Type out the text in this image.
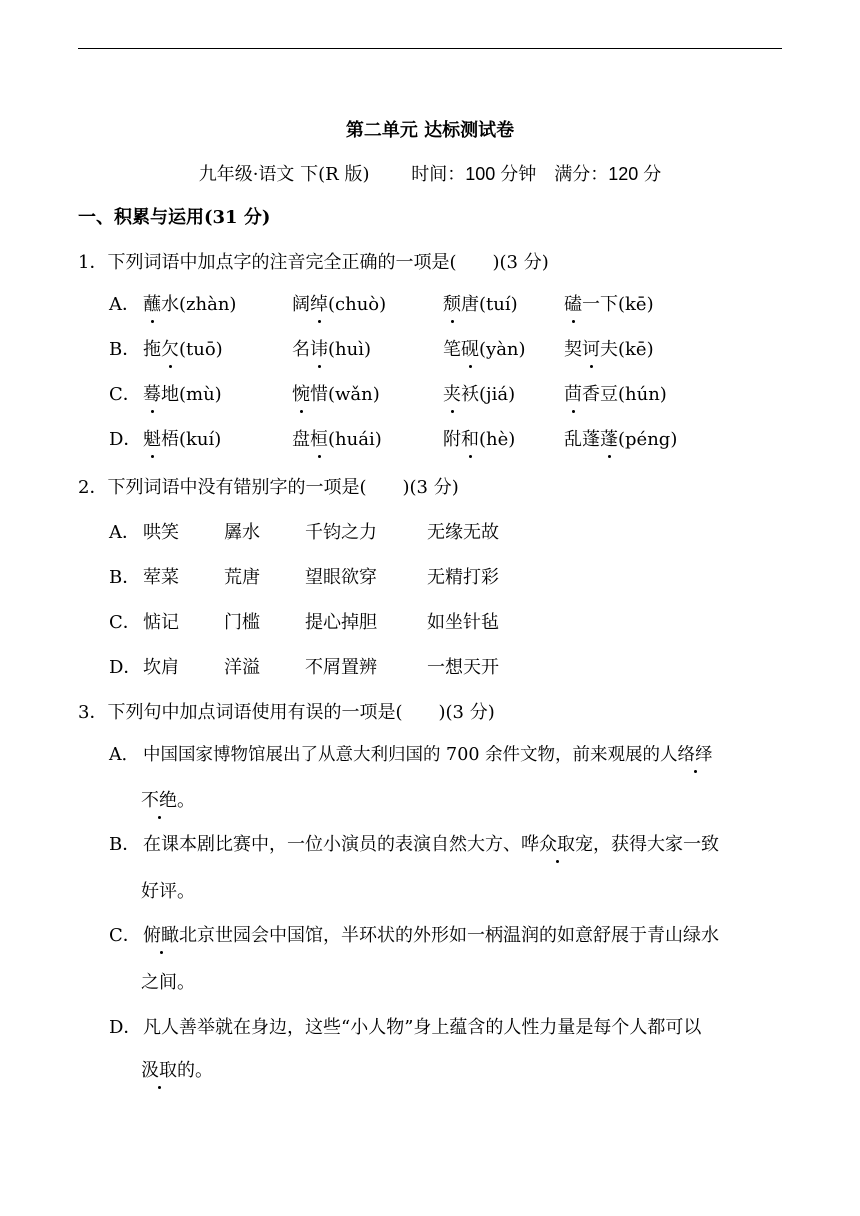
第二单元 达标测试卷
九年级·语文 下(R 版)　　 时间：100 分钟　 满分：120 分
一、积累与运用(31 分)
1．下列词语中加点字的注音完全正确的一项是(　　)(3 分)
A． 蘸水(zhàn)	阔绰(chuò)	颓唐(tuí)	磕一下(kē)
B． 拖欠(tuō)	名讳(huì)	笔砚(yàn) 契诃夫(kē)
C． 蓦地(mù)	惋惜(wǎn)	夹袄(jiá)	茴香豆(hún)
D． 魁梧(kuí)	盘桓(huái)	附和(hè)	乱蓬蓬(péng)
2．下列词语中没有错别字的一项是(　　)(3 分)
A． 哄笑	羼水	千钧之力	无缘无故
B． 荤菜	荒唐	望眼欲穿	无精打彩
C． 惦记	门槛	提心掉胆	如坐针毡
D． 坎肩	洋溢	不屑置辨	一想天开
3．下列句中加点词语使用有误的一项是(　　)(3 分)
A． 中国国家博物馆展出了从意大利归国的 700 余件文物，前来观展的人络绎
不绝。
B． 在课本剧比赛中，一位小演员的表演自然大方、哗众取宠，获得大家一致
好评。
C． 俯瞰北京世园会中国馆，半环状的外形如一柄温润的如意舒展于青山绿水
之间。
D．凡人善举就在身边，这些“小人物”身上蕴含的人性力量是每个人都可以
汲取的。
